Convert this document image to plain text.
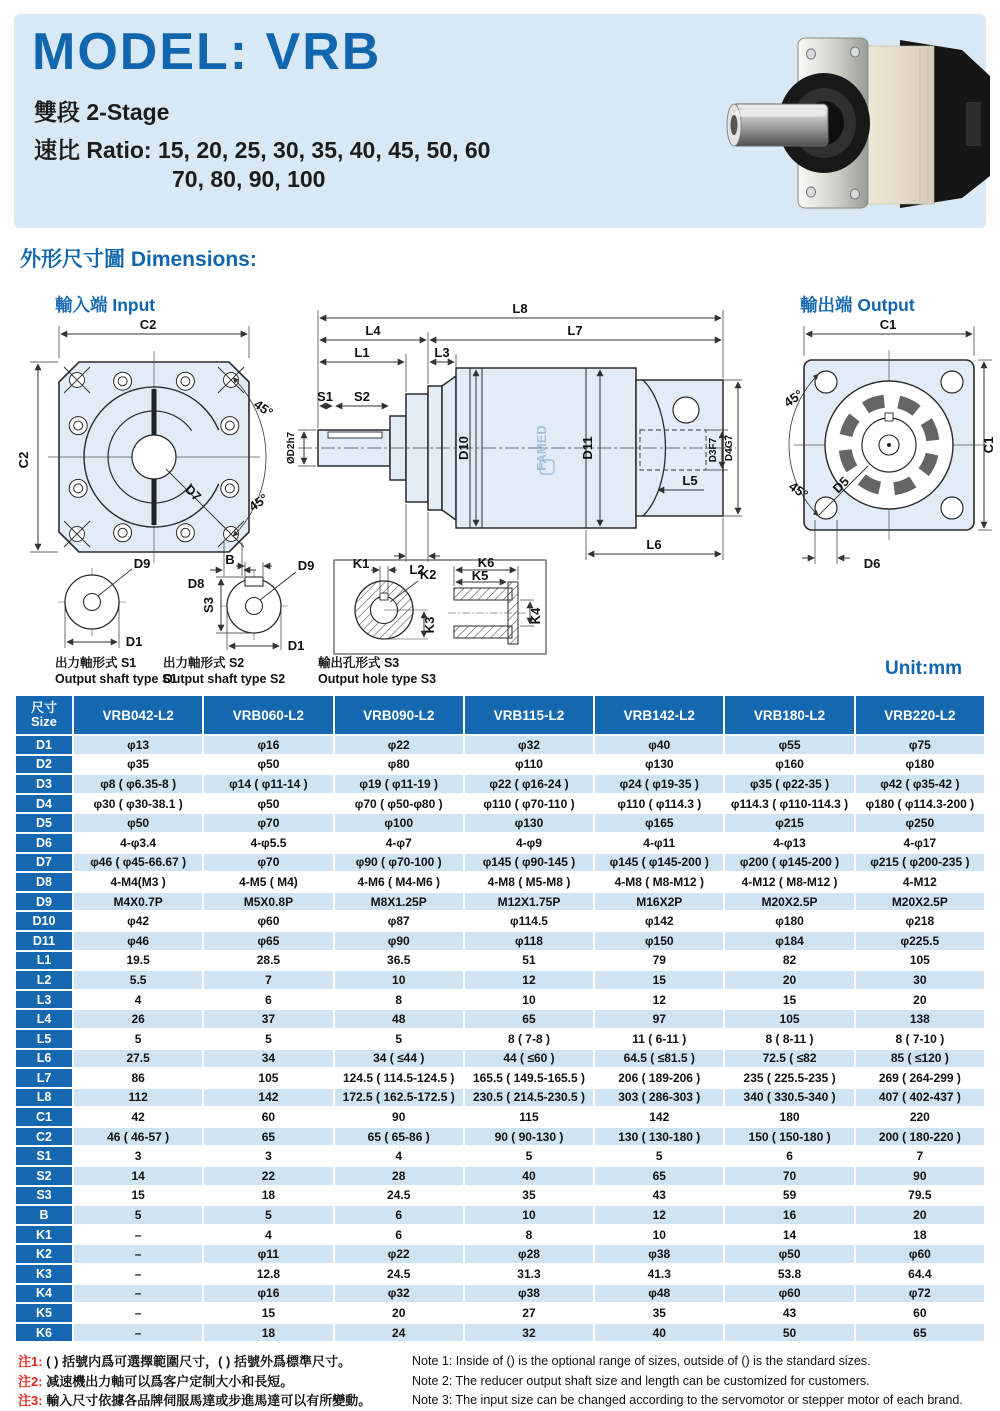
MODEL: VRB
雙段 2-Stage
速比 Ratio: 15, 20, 25, 30, 35, 40, 45, 50, 60
70, 80, 90, 100
外形尺寸圖 Dimensions:
輸入端 Input	輸出端 Output
C2
C2
45°
45°
D7
D8
L8
L4	L7
L1	L3
S1 S2
ØD2h7	D10	D11
FAMED	D3F7 D4G7
L5
L2
L6
C1
C1
45°
45° D5
D6
D9
D1
B	D9
S3
D1
K1
K2
K3
K6
K5
K4
出力軸形式 S1
Output shaft type S1
出力軸形式 S2
Output shaft type S2
輸出孔形式 S3
Output hole type S3
Unit:mm
尺寸
Size	VRB042-L2	VRB060-L2	VRB090-L2	VRB115-L2	VRB142-L2	VRB180-L2	VRB220-L2
D1	φ13	φ16	φ22	φ32	φ40	φ55	φ75
D2	φ35	φ50	φ80	φ110	φ130	φ160	φ180
D3	φ8 ( φ6.35-8 )	φ14 ( φ11-14 )	φ19 ( φ11-19 )	φ22 ( φ16-24 )	φ24 ( φ19-35 )	φ35 ( φ22-35 )	φ42 ( φ35-42 )
D4	φ30 ( φ30-38.1 )	φ50	φ70 ( φ50-φ80 )	φ110 ( φ70-110 )	φ110 ( φ114.3 )	φ114.3 ( φ110-114.3 )	φ180 ( φ114.3-200 )
D5	φ50	φ70	φ100	φ130	φ165	φ215	φ250
D6	4-φ3.4	4-φ5.5	4-φ7	4-φ9	4-φ11	4-φ13	4-φ17
D7	φ46 ( φ45-66.67 )	φ70	φ90 ( φ70-100 )	φ145 ( φ90-145 )	φ145 ( φ145-200 )	φ200 ( φ145-200 )	φ215 ( φ200-235 )
D8	4-M4(M3 )	4-M5 ( M4)	4-M6 ( M4-M6 )	4-M8 ( M5-M8 )	4-M8 ( M8-M12 )	4-M12 ( M8-M12 )	4-M12
D9	M4X0.7P	M5X0.8P	M8X1.25P	M12X1.75P	M16X2P	M20X2.5P	M20X2.5P
D10	φ42	φ60	φ87	φ114.5	φ142	φ180	φ218
D11	φ46	φ65	φ90	φ118	φ150	φ184	φ225.5
L1	19.5	28.5	36.5	51	79	82	105
L2	5.5	7	10	12	15	20	30
L3	4	6	8	10	12	15	20
L4	26	37	48	65	97	105	138
L5	5	5	5	8 ( 7-8 )	11 ( 6-11 )	8 ( 8-11 )	8 ( 7-10 )
L6	27.5	34	34 ( ≤44 )	44 ( ≤60 )	64.5 ( ≤81.5 )	72.5 ( ≤82	85 ( ≤120 )
L7	86	105	124.5 ( 114.5-124.5 )	165.5 ( 149.5-165.5 )	206 ( 189-206 )	235 ( 225.5-235 )	269 ( 264-299 )
L8	112	142	172.5 ( 162.5-172.5 )	230.5 ( 214.5-230.5 )	303 ( 286-303 )	340 ( 330.5-340 )	407 ( 402-437 )
C1	42	60	90	115	142	180	220
C2	46 ( 46-57 )	65	65 ( 65-86 )	90 ( 90-130 )	130 ( 130-180 )	150 ( 150-180 )	200 ( 180-220 )
S1	3	3	4	5	5	6	7
S2	14	22	28	40	65	70	90
S3	15	18	24.5	35	43	59	79.5
B	5	5	6	10	12	16	20
K1	–	4	6	8	10	14	18
K2	–	φ11	φ22	φ28	φ38	φ50	φ60
K3	–	12.8	24.5	31.3	41.3	53.8	64.4
K4	–	φ16	φ32	φ38	φ48	φ60	φ72
K5	–	15	20	27	35	43	60
K6	–	18	24	32	40	50	65
注1: ( ) 括號内爲可選擇範圍尺寸，( ) 括號外爲標準尺寸。
注2: 减速機出力軸可以爲客户定制大小和長短。
注3: 輸入尺寸依據各品牌伺服馬達或步進馬達可以有所變動。
Note 1: Inside of () is the optional range of sizes, outside of () is the standard sizes.
Note 2: The reducer output shaft size and length can be customized for customers.
Note 3: The input size can be changed according to the servomotor or stepper motor of each brand.
